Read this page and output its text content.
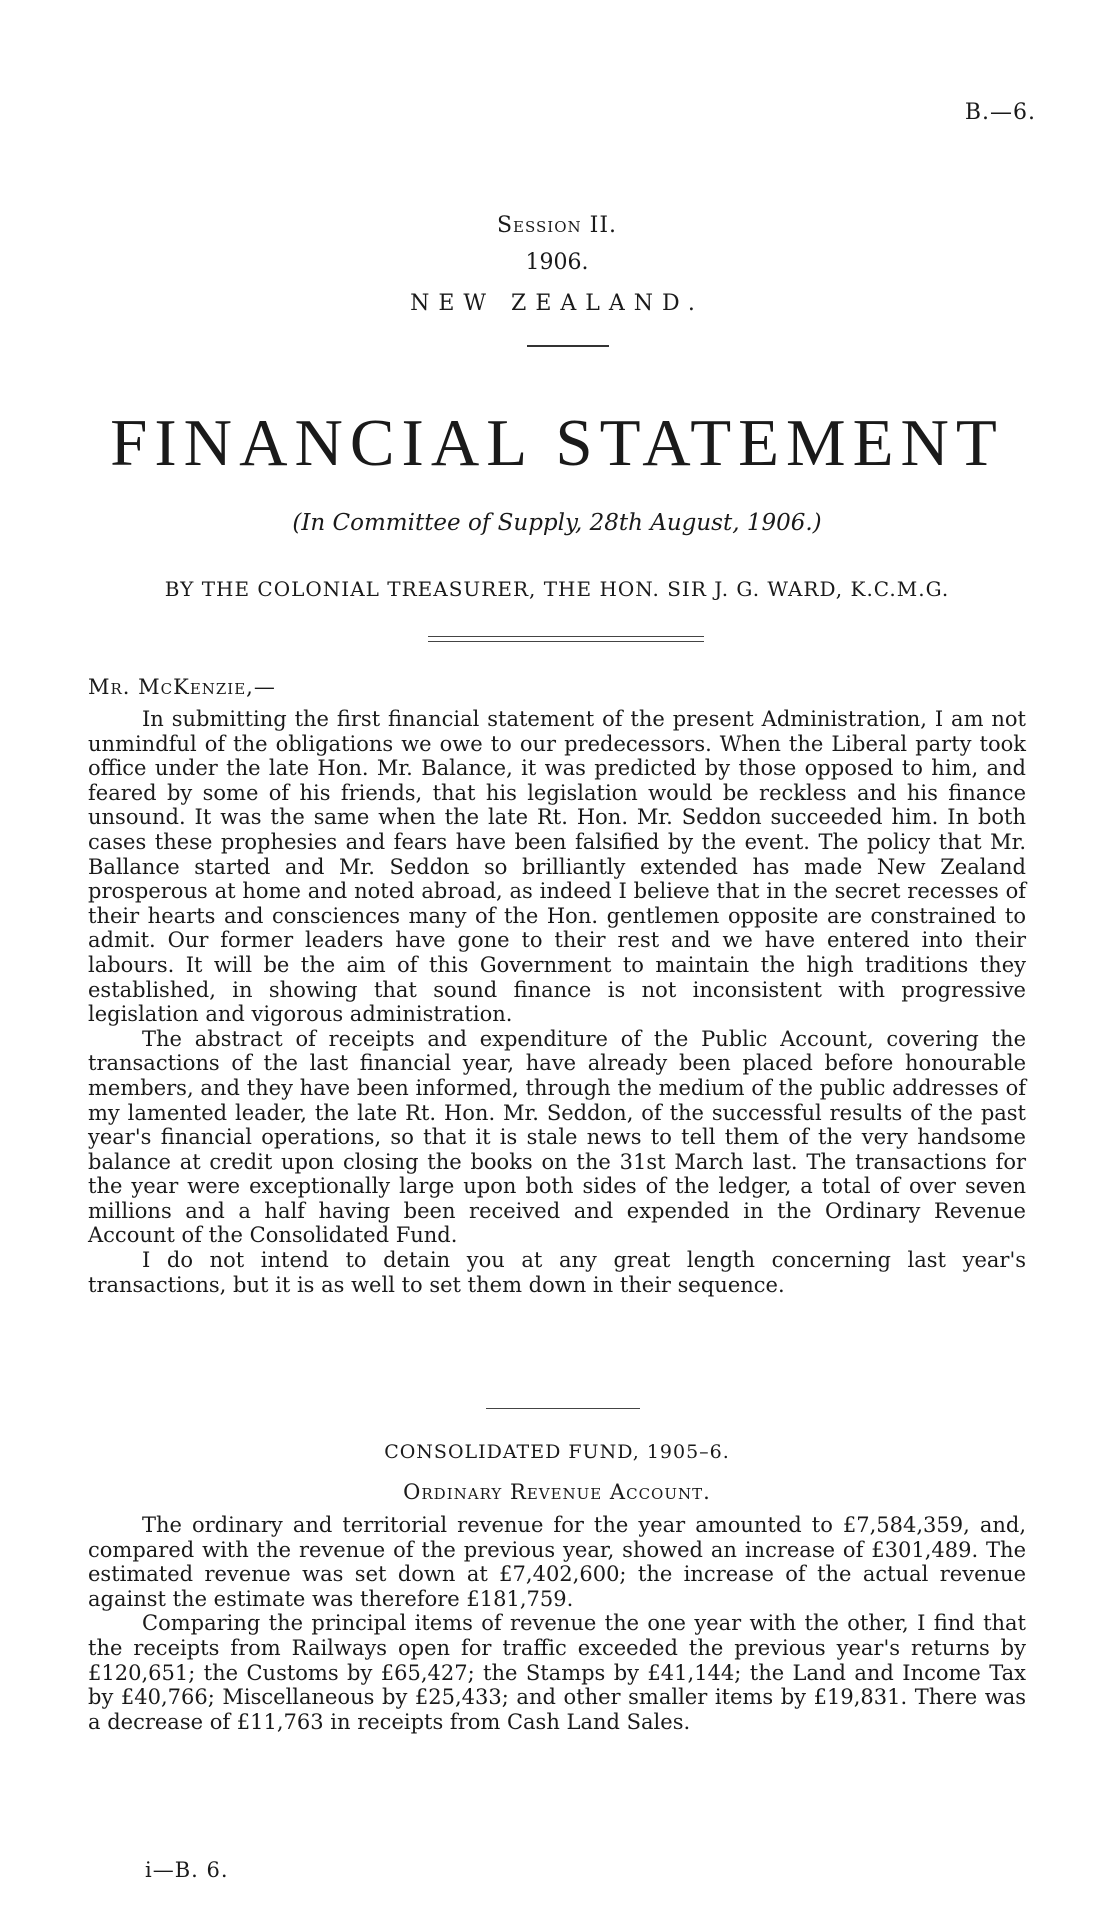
B.—6.
Session II.
1906.
NEW ZEALAND.
FINANCIAL STATEMENT
(In Committee of Supply, 28th August, 1906.)
BY THE COLONIAL TREASURER, THE HON. SIR J. G. WARD, K.C.M.G.
Mr. McKenzie,—

In submitting the first financial statement of the present Administration, I am not unmindful of the obligations we owe to our predecessors. When the Liberal party took office under the late Hon. Mr. Balance, it was predicted by those opposed to him, and feared by some of his friends, that his legislation would be reckless and his finance unsound. It was the same when the late Rt. Hon. Mr. Seddon succeeded him. In both cases these prophesies and fears have been falsified by the event. The policy that Mr. Ballance started and Mr. Seddon so brilliantly extended has made New Zealand prosperous at home and noted abroad, as indeed I believe that in the secret recesses of their hearts and consciences many of the Hon. gentlemen opposite are constrained to admit. Our former leaders have gone to their rest and we have entered into their labours. It will be the aim of this Government to maintain the high traditions they established, in showing that sound finance is not inconsistent with progressive legislation and vigorous administration.

The abstract of receipts and expenditure of the Public Account, covering the transactions of the last financial year, have already been placed before honourable members, and they have been informed, through the medium of the public addresses of my lamented leader, the late Rt. Hon. Mr. Seddon, of the successful results of the past year's financial operations, so that it is stale news to tell them of the very handsome balance at credit upon closing the books on the 31st March last. The transactions for the year were exceptionally large upon both sides of the ledger, a total of over seven millions and a half having been received and expended in the Ordinary Revenue Account of the Consolidated Fund.

I do not intend to detain you at any great length concerning last year's transactions, but it is as well to set them down in their sequence.

CONSOLIDATED FUND, 1905–6.
Ordinary Revenue Account.

The ordinary and territorial revenue for the year amounted to £7,584,359, and, compared with the revenue of the previous year, showed an increase of £301,489. The estimated revenue was set down at £7,402,600; the increase of the actual revenue against the estimate was therefore £181,759.

Comparing the principal items of revenue the one year with the other, I find that the receipts from Railways open for traffic exceeded the previous year's returns by £120,651; the Customs by £65,427; the Stamps by £41,144; the Land and Income Tax by £40,766; Miscellaneous by £25,433; and other smaller items by £19,831. There was a decrease of £11,763 in receipts from Cash Land Sales.

i—B. 6.
